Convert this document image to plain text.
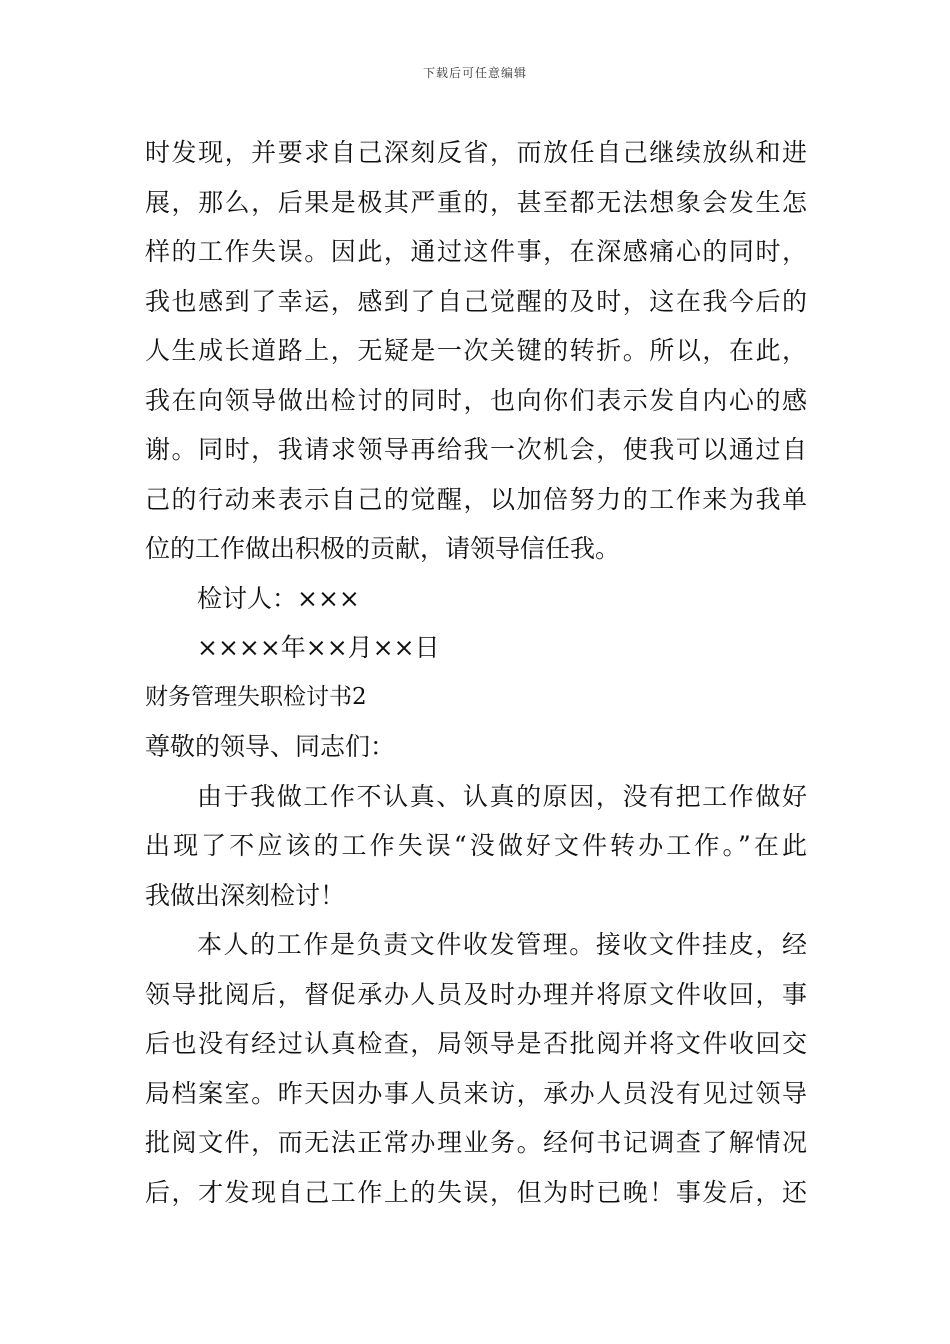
下载后可任意编辑
时发现，并要求自己深刻反省，而放任自己继续放纵和进
展，那么，后果是极其严重的，甚至都无法想象会发生怎
样的工作失误。因此，通过这件事，在深感痛心的同时，
我也感到了幸运，感到了自己觉醒的及时，这在我今后的
人生成长道路上，无疑是一次关键的转折。所以，在此，
我在向领导做出检讨的同时，也向你们表示发自内心的感
谢。同时，我请求领导再给我一次机会，使我可以通过自
己的行动来表示自己的觉醒，以加倍努力的工作来为我单
位的工作做出积极的贡献，请领导信任我。
检讨人：×××
××××年××月××日
财务管理失职检讨书2
尊敬的领导、同志们：
由于我做工作不认真、认真的原因，没有把工作做好
出现了不应该的工作失误“没做好文件转办工作。”在此
我做出深刻检讨！
本人的工作是负责文件收发管理。接收文件挂皮，经
领导批阅后，督促承办人员及时办理并将原文件收回，事
后也没有经过认真检查，局领导是否批阅并将文件收回交
局档案室。昨天因办事人员来访，承办人员没有见过领导
批阅文件，而无法正常办理业务。经何书记调查了解情况
后，才发现自己工作上的失误，但为时已晚！事发后，还
